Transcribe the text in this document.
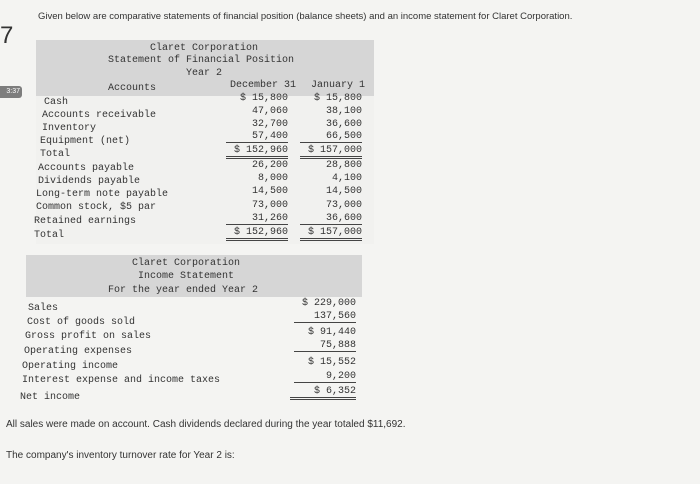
7
3:37
Given below are comparative statements of financial position (balance sheets) and an income statement for Claret Corporation.
Claret Corporation
Statement of Financial Position
Year 2
Accounts	December 31 January 1
Cash
Accounts receivable
Inventory
Equipment (net)
Total
Accounts payable
Dividends payable
Long-term note payable
Common stock, $5 par
Retained earnings
Total
$ 15,800
47,060
32,700
57,400
$ 152,960
26,200
8,000
14,500
73,000
31,260
$ 152,960
$ 15,800
38,100
36,600
66,500
$ 157,000
28,800
4,100
14,500
73,000
36,600
$ 157,000
Claret Corporation
Income Statement
For the year ended Year 2
Sales
Cost of goods sold
Gross profit on sales
Operating expenses
Operating income
Interest expense and income taxes
Net income
$ 229,000
137,560
$ 91,440
75,888
$ 15,552
9,200
$ 6,352
All sales were made on account. Cash dividends declared during the year totaled $11,692.
The company's inventory turnover rate for Year 2 is:
